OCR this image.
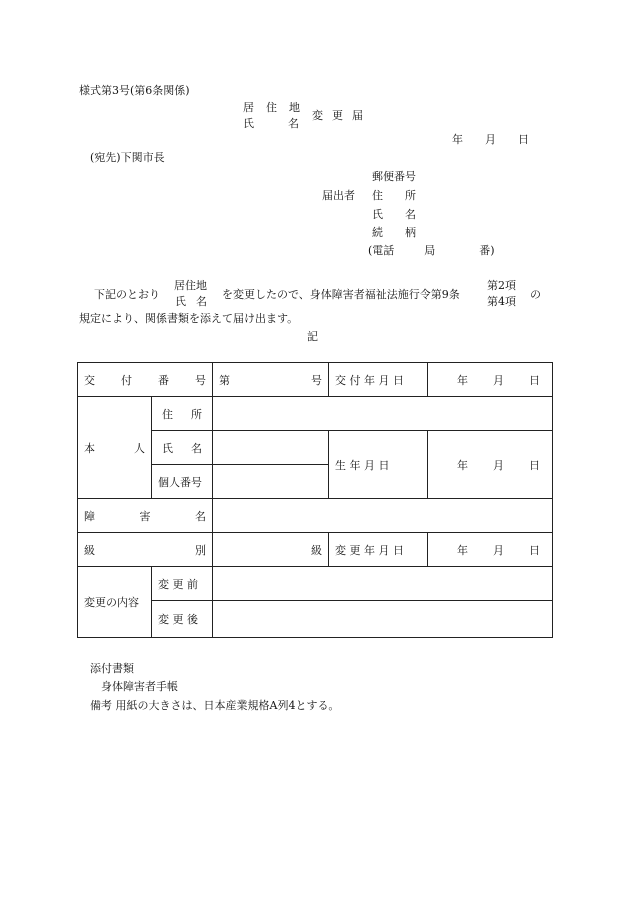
様式第3号(第6条関係)
居 住 地
氏	名
変 更 届
年 月 日
(宛先)下関市長
郵便番号
届出者 住 所
氏 名
続 柄
(電話	局	番)
下記のとおり
居住地
氏 名
を変更したので、身体障害者福祉法施行令第9条
第2項
第4項
の
規定により、関係書類を添えて届け出ます。
記
交 付 番 号		第 号	交 付 年 月 日	年 月 日

本 人	住 所			

	氏 名		生 年 月 日	年 月 日

	個人番号			

障 害 名				

級 別		級	変 更 年 月 日	年 月 日

変更の内容	変 更 前			
	変 更 後			
添付書類
身体障害者手帳
備考 用紙の大きさは、日本産業規格A列4とする。
